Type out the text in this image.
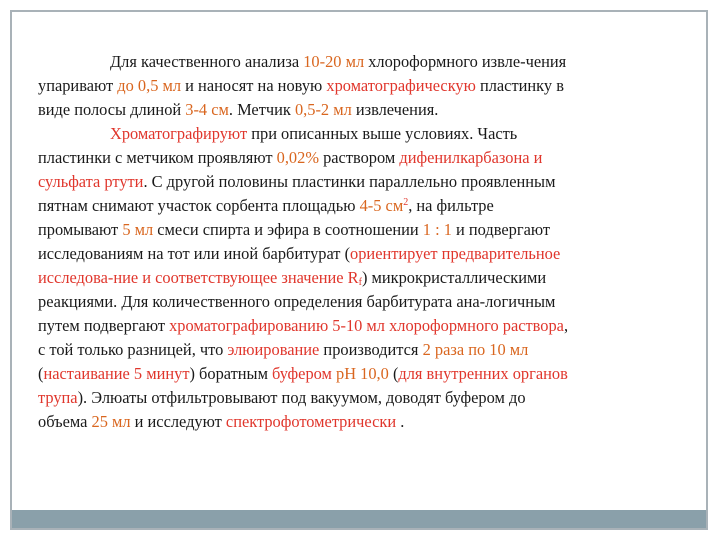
Для качественного анализа 10-20 мл хлороформного извле-чения
упаривают до 0,5 мл и наносят на новую хроматографическую пластинку в
виде полосы длиной 3-4 см. Метчик 0,5-2 мл извлечения.
Хроматографируют при описанных выше условиях. Часть
пластинки с метчиком проявляют 0,02% раствором дифенилкарбазона и
сульфата ртути. С другой половины пластинки параллельно проявленным
пятнам снимают участок сорбента площадью 4-5 $см^2$, на фильтре
промывают 5 мл смеси спирта и эфира в соотношении 1 : 1 и подвергают
исследованиям на тот или иной барбитурат (ориентирует предварительное
исследова-ние и соответствующее значение $R_f$) микрокристаллическими
реакциями. Для количественного определения барбитурата ана-логичным
путем подвергают хроматографированию 5-10 мл хлороформного раствора,
с той только разницей, что элюирование производится 2 раза по 10 мл
(настаивание 5 минут) боратным буфером рН 10,0 (для внутренних органов
трупа). Элюаты отфильтровывают под вакуумом, доводят буфером до
объема 25 мл и исследуют спектрофотометрически .
